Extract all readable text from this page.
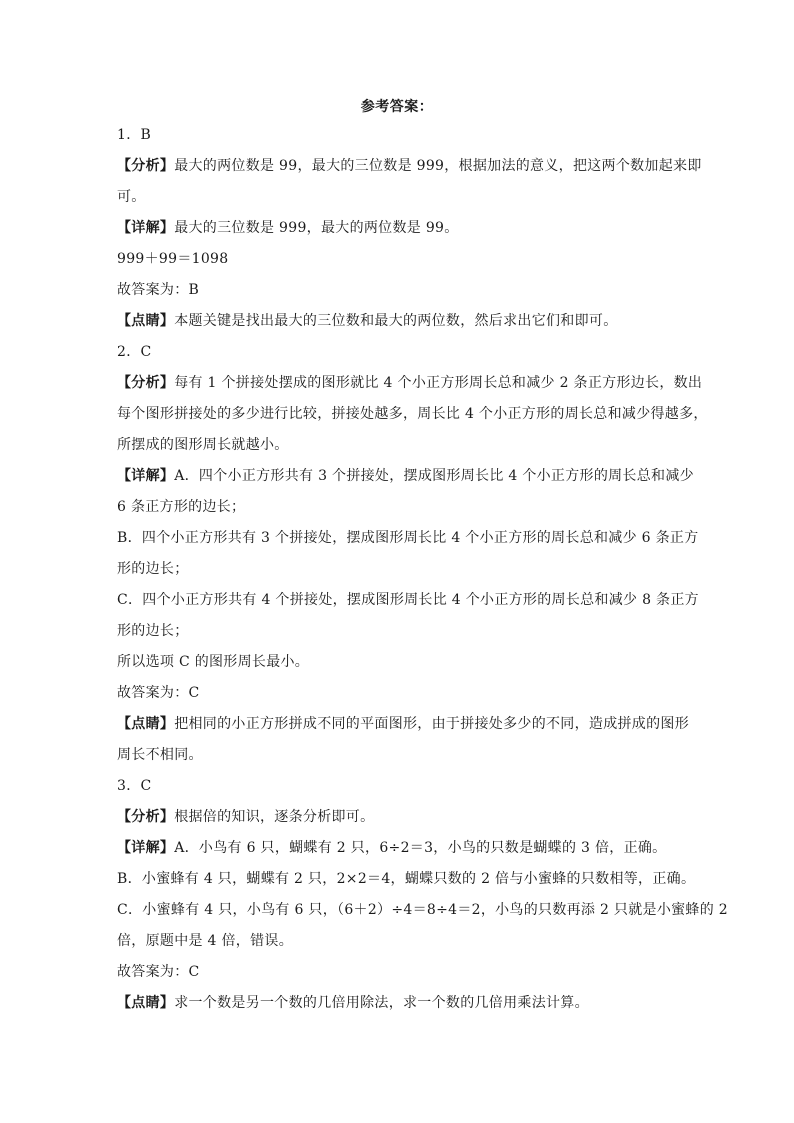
参考答案：
1．B
【分析】最大的两位数是 99，最大的三位数是 999，根据加法的意义，把这两个数加起来即
可。
【详解】最大的三位数是 999，最大的两位数是 99。
999＋99＝1098
故答案为：B
【点睛】本题关键是找出最大的三位数和最大的两位数，然后求出它们和即可。
2．C
【分析】每有 1 个拼接处摆成的图形就比 4 个小正方形周长总和减少 2 条正方形边长，数出
每个图形拼接处的多少进行比较，拼接处越多，周长比 4 个小正方形的周长总和减少得越多，
所摆成的图形周长就越小。
【详解】A．四个小正方形共有 3 个拼接处，摆成图形周长比 4 个小正方形的周长总和减少
6 条正方形的边长；
B．四个小正方形共有 3 个拼接处，摆成图形周长比 4 个小正方形的周长总和减少 6 条正方
形的边长；
C．四个小正方形共有 4 个拼接处，摆成图形周长比 4 个小正方形的周长总和减少 8 条正方
形的边长；
所以选项 C 的图形周长最小。
故答案为：C
【点睛】把相同的小正方形拼成不同的平面图形，由于拼接处多少的不同，造成拼成的图形
周长不相同。
3．C
【分析】根据倍的知识，逐条分析即可。
【详解】A．小鸟有 6 只，蝴蝶有 2 只，6÷2＝3，小鸟的只数是蝴蝶的 3 倍，正确。
B．小蜜蜂有 4 只，蝴蝶有 2 只，2×2＝4，蝴蝶只数的 2 倍与小蜜蜂的只数相等，正确。
C．小蜜蜂有 4 只，小鸟有 6 只，（6＋2）÷4＝8÷4＝2，小鸟的只数再添 2 只就是小蜜蜂的 2
倍，原题中是 4 倍，错误。
故答案为：C
【点睛】求一个数是另一个数的几倍用除法，求一个数的几倍用乘法计算。
